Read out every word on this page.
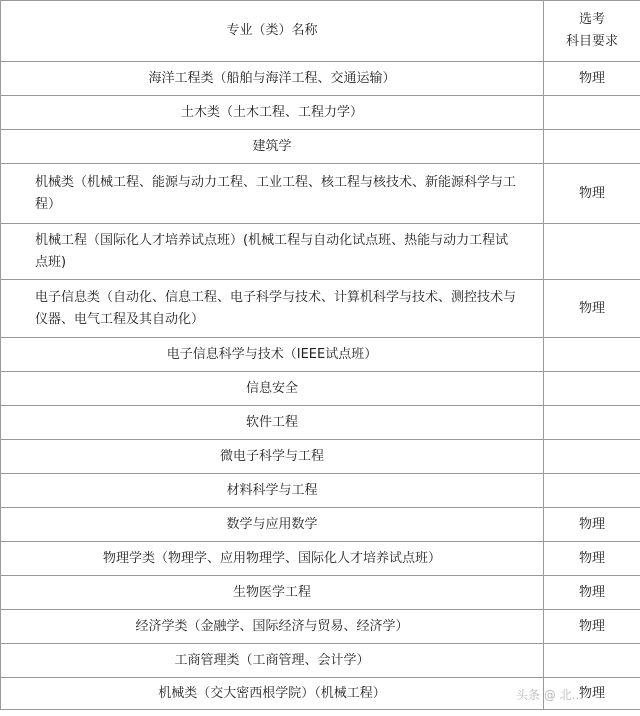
专业（类）名称	选考
科目要求
海洋工程类（船舶与海洋工程、交通运输）	物理
土木类（土木工程、工程力学）	
建筑学	
机械类（机械工程、能源与动力工程、工业工程、核工程与核技术、新能源科学与工程）	物理
机械工程（国际化人才培养试点班）(机械工程与自动化试点班、热能与动力工程试点班)	
电子信息类（自动化、信息工程、电子科学与技术、计算机科学与技术、测控技术与仪器、电气工程及其自动化）	物理
电子信息科学与技术（IEEE试点班）	
信息安全	
软件工程	
微电子科学与工程	
材料科学与工程	
数学与应用数学	物理
物理学类（物理学、应用物理学、国际化人才培养试点班）	物理
生物医学工程	物理
经济学类（金融学、国际经济与贸易、经济学）	物理
工商管理类（工商管理、会计学）	
机械类（交大密西根学院）（机械工程）	物理
头条 @ 北...
